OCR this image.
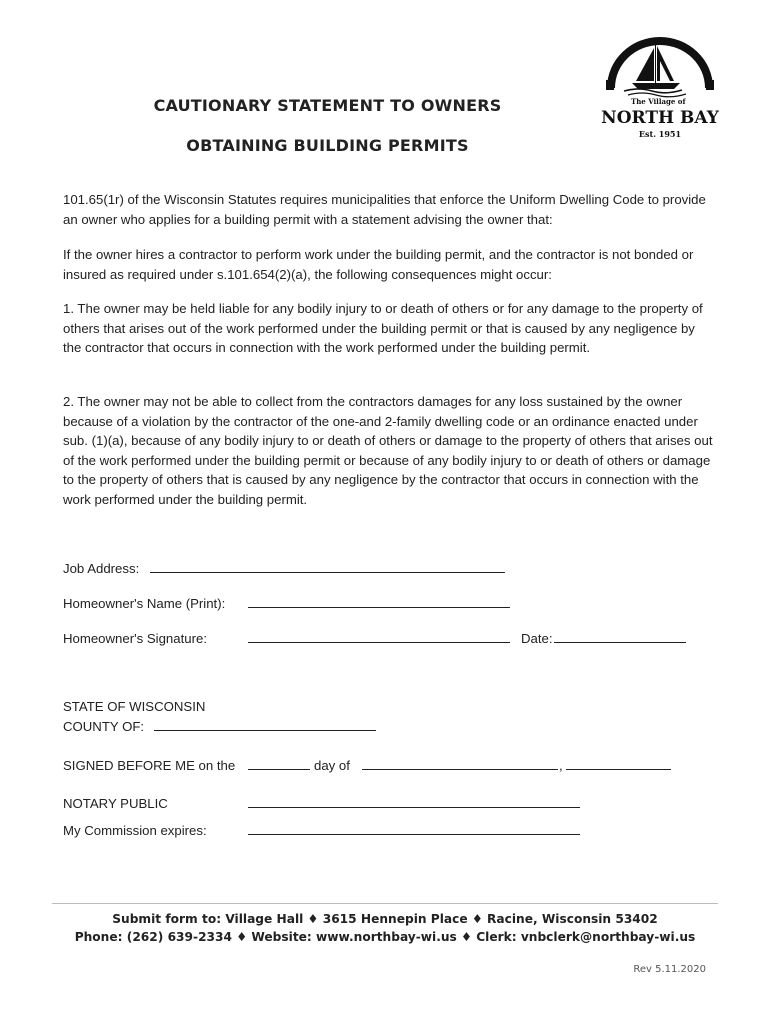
CAUTIONARY STATEMENT TO OWNERS
OBTAINING BUILDING PERMITS
The Village of
NORTH BAY
Est. 1951
101.65(1r) of the Wisconsin Statutes requires municipalities that enforce the Uniform Dwelling Code to provide an owner who applies for a building permit with a statement advising the owner that:
If the owner hires a contractor to perform work under the building permit, and the contractor is not bonded or insured as required under s.101.654(2)(a), the following consequences might occur:
1. The owner may be held liable for any bodily injury to or death of others or for any damage to the property of others that arises out of the work performed under the building permit or that is caused by any negligence by the contractor that occurs in connection with the work performed under the building permit.
2. The owner may not be able to collect from the contractors damages for any loss sustained by the owner because of a violation by the contractor of the one-and 2-family dwelling code or an ordinance enacted under sub. (1)(a), because of any bodily injury to or death of others or damage to the property of others that arises out of the work performed under the building permit or because of any bodily injury to or death of others or damage to the property of others that is caused by any negligence by the contractor that occurs in connection with the work performed under the building permit.
Job Address:
Homeowner's Name (Print):
Homeowner's Signature:	Date:
STATE OF WISCONSIN
COUNTY OF:
SIGNED BEFORE ME on the	day of	,
NOTARY PUBLIC
My Commission expires:
Submit form to: Village Hall ♦ 3615 Hennepin Place ♦ Racine, Wisconsin 53402
Phone: (262) 639-2334 ♦ Website: www.northbay-wi.us ♦ Clerk: vnbclerk@northbay-wi.us
Rev 5.11.2020
